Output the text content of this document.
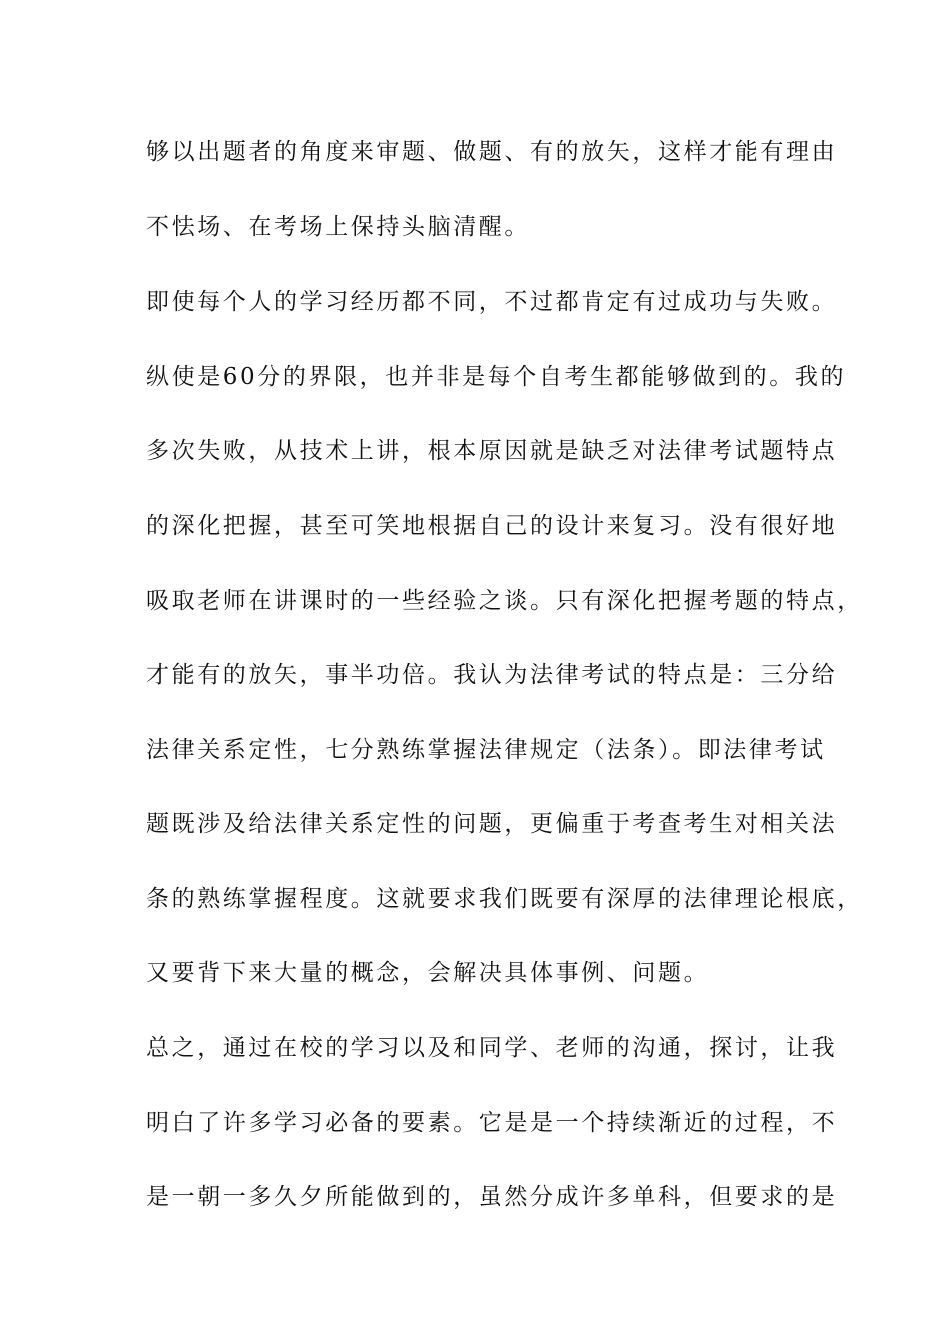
够以出题者的角度来审题、做题、有的放矢，这样才能有理由
不怯场、在考场上保持头脑清醒。
即使每个人的学习经历都不同，不过都肯定有过成功与失败。
纵使是60分的界限，也并非是每个自考生都能够做到的。我的
多次失败，从技术上讲，根本原因就是缺乏对法律考试题特点
的深化把握，甚至可笑地根据自己的设计来复习。没有很好地
吸取老师在讲课时的一些经验之谈。只有深化把握考题的特点，
才能有的放矢，事半功倍。我认为法律考试的特点是：三分给
法律关系定性，七分熟练掌握法律规定（法条）。即法律考试
题既涉及给法律关系定性的问题，更偏重于考查考生对相关法
条的熟练掌握程度。这就要求我们既要有深厚的法律理论根底，
又要背下来大量的概念，会解决具体事例、问题。
总之，通过在校的学习以及和同学、老师的沟通，探讨，让我
明白了许多学习必备的要素。它是是一个持续渐近的过程，不
是一朝一多久夕所能做到的，虽然分成许多单科，但要求的是
